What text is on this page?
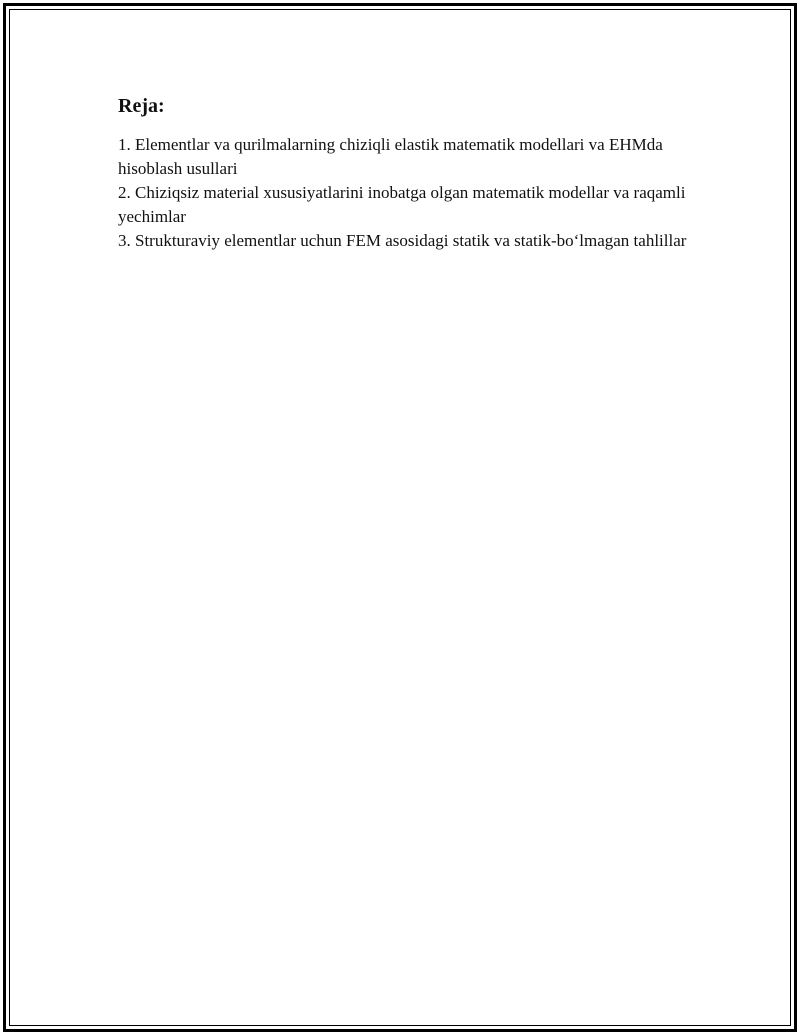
Reja:
1. Elementlar va qurilmalarning chiziqli elastik matematik modellari va EHMda hisoblash usullari
2. Chiziqsiz material xususiyatlarini inobatga olgan matematik modellar va raqamli yechimlar
3. Strukturaviy elementlar uchun FEM asosidagi statik va statik-bo‘lmagan tahlillar
